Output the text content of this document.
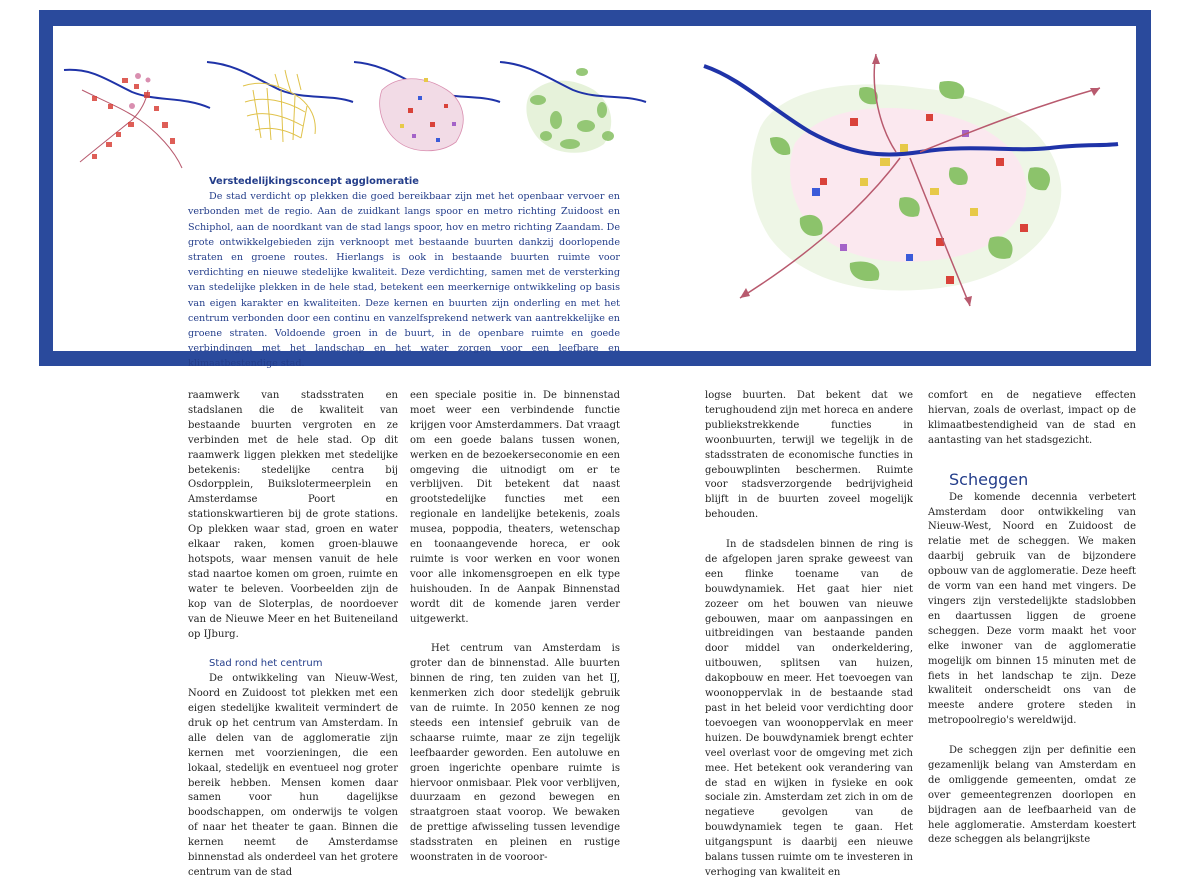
Verstedelijkingsconcept agglomeratie

De stad verdicht op plekken die goed bereikbaar zijn met het openbaar vervoer en verbonden met de regio. Aan de zuidkant langs spoor en metro richting Zuidoost en Schiphol, aan de noordkant van de stad langs spoor, hov en metro richting Zaandam. De grote ontwikkelgebieden zijn verknoopt met bestaande buurten dankzij doorlopende straten en groene routes. Hierlangs is ook in bestaande buurten ruimte voor verdichting en nieuwe stedelijke kwaliteit. Deze verdichting, samen met de versterking van stedelijke plekken in de hele stad, betekent een meerkernige ontwikkeling op basis van eigen karakter en kwaliteiten. Deze kernen en buurten zijn onderling en met het centrum verbonden door een continu en vanzelfsprekend netwerk van aantrekkelijke en groene straten. Voldoende groen in de buurt, in de openbare ruimte en goede verbindingen met het landschap en het water zorgen voor een leefbare en klimaatbestendige stad.

raamwerk van stadsstraten en stadslanen die de kwaliteit van bestaande buurten vergroten en ze verbinden met de hele stad. Op dit raamwerk liggen plekken met stedelijke betekenis: stedelijke centra bij Osdorpplein, Buikslotermeerplein en Amsterdamse Poort en stationskwartieren bij de grote stations. Op plekken waar stad, groen en water elkaar raken, komen groen-blauwe hotspots, waar mensen vanuit de hele stad naartoe komen om groen, ruimte en water te beleven. Voorbeelden zijn de kop van de Sloterplas, de noordoever van de Nieuwe Meer en het Buiteneiland op IJburg.

Stad rond het centrum

De ontwikkeling van Nieuw-West, Noord en Zuidoost tot plekken met een eigen stedelijke kwaliteit vermindert de druk op het centrum van Amsterdam. In alle delen van de agglomeratie zijn kernen met voorzieningen, die een lokaal, stedelijk en eventueel nog groter bereik hebben. Mensen komen daar samen voor hun dagelijkse boodschappen, om onderwijs te volgen of naar het theater te gaan. Binnen die kernen neemt de Amsterdamse binnenstad als onderdeel van het grotere centrum van de stad

een speciale positie in. De binnenstad moet weer een verbindende functie krijgen voor Amsterdammers. Dat vraagt om een goede balans tussen wonen, werken en de bezoekerseconomie en een omgeving die uitnodigt om er te verblijven. Dit betekent dat naast grootstedelijke functies met een regionale en landelijke betekenis, zoals musea, poppodia, theaters, wetenschap en toonaangevende horeca, er ook ruimte is voor werken en voor wonen voor alle inkomensgroepen en elk type huishouden. In de Aanpak Binnenstad wordt dit de komende jaren verder uitgewerkt.

Het centrum van Amsterdam is groter dan de binnenstad. Alle buurten binnen de ring, ten zuiden van het IJ, kenmerken zich door stedelijk gebruik van de ruimte. In 2050 kennen ze nog steeds een intensief gebruik van de schaarse ruimte, maar ze zijn tegelijk leefbaarder geworden. Een autoluwe en groen ingerichte openbare ruimte is hiervoor onmisbaar. Plek voor verblijven, duurzaam en gezond bewegen en straatgroen staat voorop. We bewaken de prettige afwisseling tussen levendige stadsstraten en pleinen en rustige woonstraten in de vooroor-

logse buurten. Dat bekent dat we terughoudend zijn met horeca en andere publiekstrekkende functies in woonbuurten, terwijl we tegelijk in de stadsstraten de economische functies in gebouwplinten beschermen. Ruimte voor stadsverzorgende bedrijvigheid blijft in de buurten zoveel mogelijk behouden.

In de stadsdelen binnen de ring is de afgelopen jaren sprake geweest van een flinke toename van de bouwdynamiek. Het gaat hier niet zozeer om het bouwen van nieuwe gebouwen, maar om aanpassingen en uitbreidingen van bestaande panden door middel van onderkeldering, uitbouwen, splitsen van huizen, dakopbouw en meer. Het toevoegen van woonoppervlak in de bestaande stad past in het beleid voor verdichting door toevoegen van woonoppervlak en meer huizen. De bouwdynamiek brengt echter veel overlast voor de omgeving met zich mee. Het betekent ook verandering van de stad en wijken in fysieke en ook sociale zin. Amsterdam zet zich in om de negatieve gevolgen van de bouwdynamiek tegen te gaan. Het uitgangspunt is daarbij een nieuwe balans tussen ruimte om te investeren in verhoging van kwaliteit en

comfort en de negatieve effecten hiervan, zoals de overlast, impact op de klimaatbestendigheid van de stad en aantasting van het stadsgezicht.

Scheggen

De komende decennia verbetert Amsterdam door ontwikkeling van Nieuw-West, Noord en Zuidoost de relatie met de scheggen. We maken daarbij gebruik van de bijzondere opbouw van de agglomeratie. Deze heeft de vorm van een hand met vingers. De vingers zijn verstedelijkte stadslobben en daartussen liggen de groene scheggen. Deze vorm maakt het voor elke inwoner van de agglomeratie mogelijk om binnen 15 minuten met de fiets in het landschap te zijn. Deze kwaliteit onderscheidt ons van de meeste andere grotere steden in metropoolregio's wereldwijd.

De scheggen zijn per definitie een gezamenlijk belang van Amsterdam en de omliggende gemeenten, omdat ze over gemeentegrenzen doorlopen en bijdragen aan de leefbaarheid van de hele agglomeratie. Amsterdam koestert deze scheggen als belangrijkste
